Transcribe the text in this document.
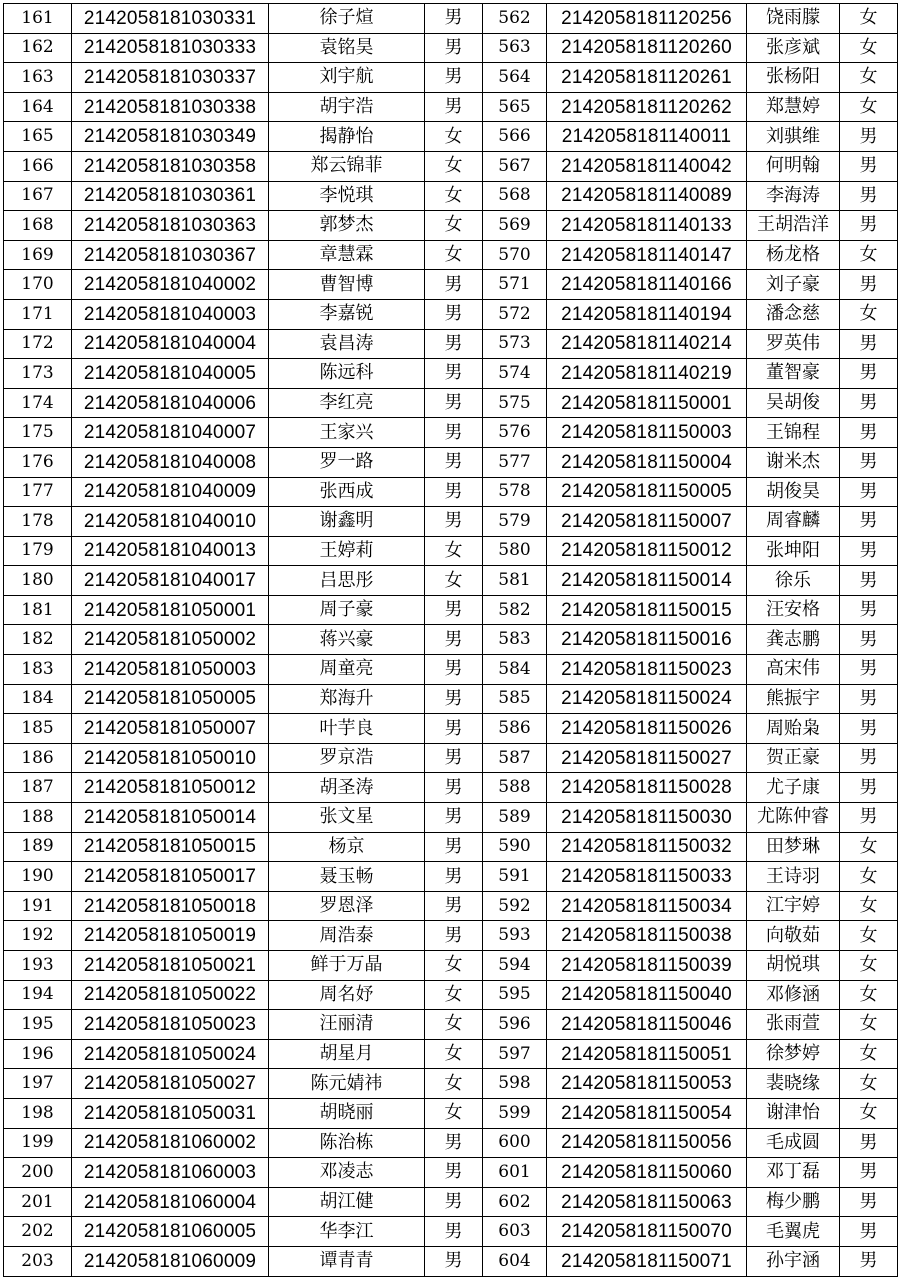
161	2142058181030331	徐子煊	男	562	2142058181120256	饶雨朦	女
162	2142058181030333	袁铭昊	男	563	2142058181120260	张彦斌	女
163	2142058181030337	刘宇航	男	564	2142058181120261	张杨阳	女
164	2142058181030338	胡宇浩	男	565	2142058181120262	郑慧婷	女
165	2142058181030349	揭静怡	女	566	2142058181140011	刘骐维	男
166	2142058181030358	郑云锦菲	女	567	2142058181140042	何明翰	男
167	2142058181030361	李悦琪	女	568	2142058181140089	李海涛	男
168	2142058181030363	郭梦杰	女	569	2142058181140133	王胡浩洋	男
169	2142058181030367	章慧霖	女	570	2142058181140147	杨龙格	女
170	2142058181040002	曹智博	男	571	2142058181140166	刘子豪	男
171	2142058181040003	李嘉锐	男	572	2142058181140194	潘念慈	女
172	2142058181040004	袁昌涛	男	573	2142058181140214	罗英伟	男
173	2142058181040005	陈远科	男	574	2142058181140219	董智豪	男
174	2142058181040006	李红亮	男	575	2142058181150001	吴胡俊	男
175	2142058181040007	王家兴	男	576	2142058181150003	王锦程	男
176	2142058181040008	罗一路	男	577	2142058181150004	谢米杰	男
177	2142058181040009	张西成	男	578	2142058181150005	胡俊昊	男
178	2142058181040010	谢鑫明	男	579	2142058181150007	周睿麟	男
179	2142058181040013	王婷莉	女	580	2142058181150012	张坤阳	男
180	2142058181040017	吕思彤	女	581	2142058181150014	徐乐	男
181	2142058181050001	周子豪	男	582	2142058181150015	汪安格	男
182	2142058181050002	蒋兴豪	男	583	2142058181150016	龚志鹏	男
183	2142058181050003	周童亮	男	584	2142058181150023	高宋伟	男
184	2142058181050005	郑海升	男	585	2142058181150024	熊振宇	男
185	2142058181050007	叶芋良	男	586	2142058181150026	周贻枭	男
186	2142058181050010	罗京浩	男	587	2142058181150027	贺正豪	男
187	2142058181050012	胡圣涛	男	588	2142058181150028	尤子康	男
188	2142058181050014	张文星	男	589	2142058181150030	尤陈仲睿	男
189	2142058181050015	杨京	男	590	2142058181150032	田梦琳	女
190	2142058181050017	聂玉畅	男	591	2142058181150033	王诗羽	女
191	2142058181050018	罗恩泽	男	592	2142058181150034	江宇婷	女
192	2142058181050019	周浩泰	男	593	2142058181150038	向敬茹	女
193	2142058181050021	鲜于万晶	女	594	2142058181150039	胡悦琪	女
194	2142058181050022	周名妤	女	595	2142058181150040	邓修涵	女
195	2142058181050023	汪丽清	女	596	2142058181150046	张雨萱	女
196	2142058181050024	胡星月	女	597	2142058181150051	徐梦婷	女
197	2142058181050027	陈元婧祎	女	598	2142058181150053	裴晓缘	女
198	2142058181050031	胡晓丽	女	599	2142058181150054	谢津怡	女
199	2142058181060002	陈治栋	男	600	2142058181150056	毛成圆	男
200	2142058181060003	邓凌志	男	601	2142058181150060	邓丁磊	男
201	2142058181060004	胡江健	男	602	2142058181150063	梅少鹏	男
202	2142058181060005	华李江	男	603	2142058181150070	毛翼虎	男
203	2142058181060009	谭青青	男	604	2142058181150071	孙宇涵	男
